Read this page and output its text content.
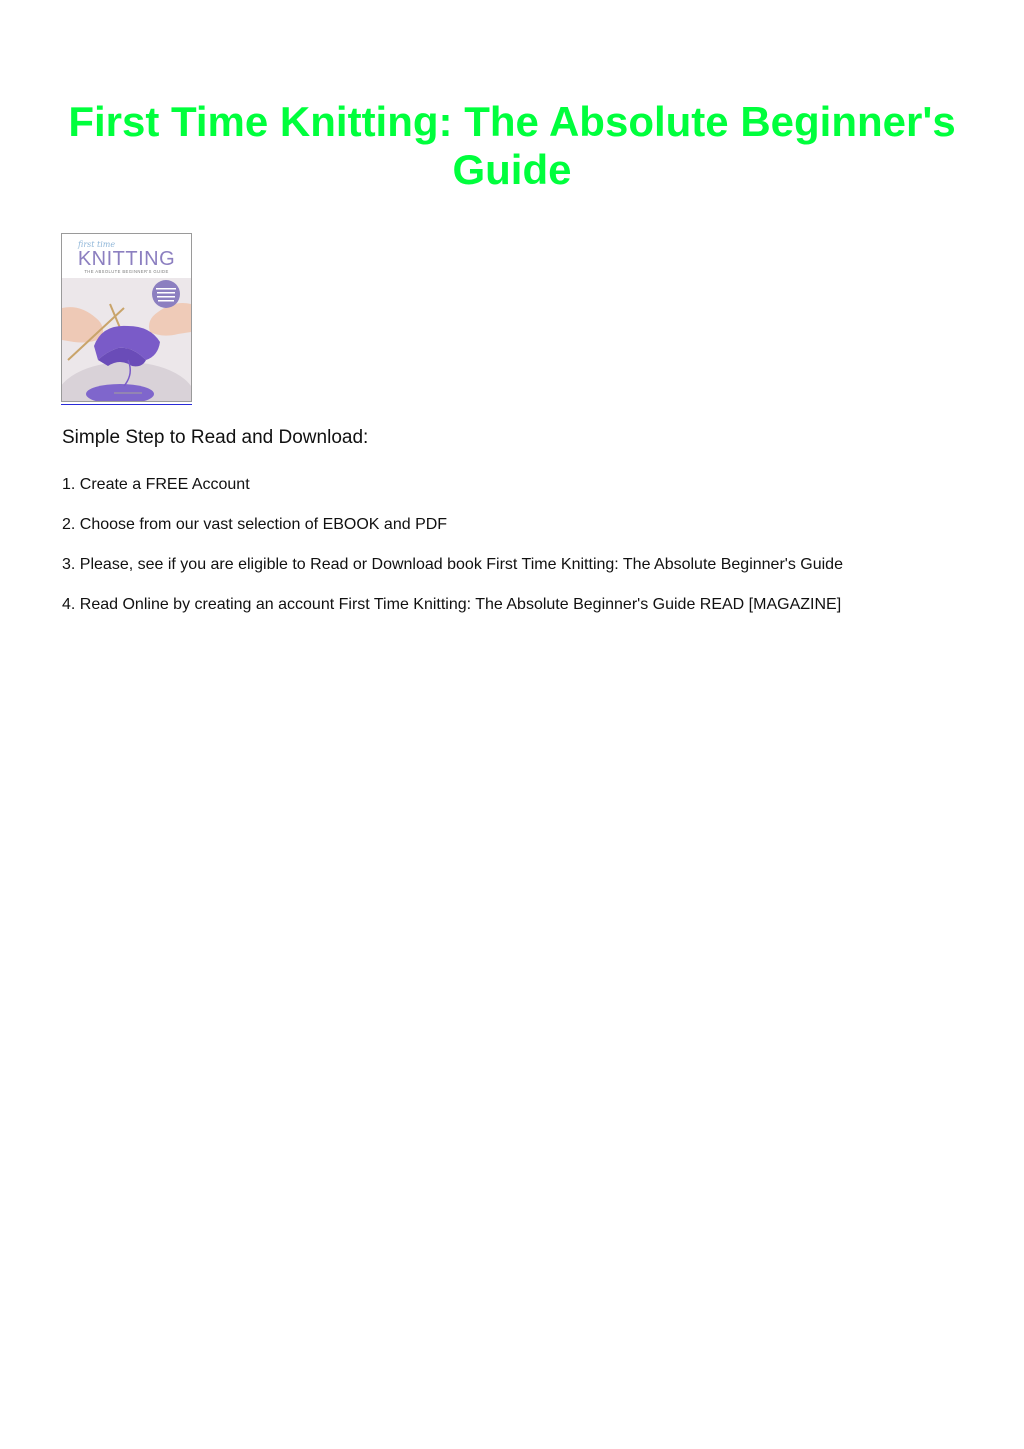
First Time Knitting: The Absolute Beginner's Guide
first time
KNITTING
THE ABSOLUTE BEGINNER'S GUIDE
Simple Step to Read and Download:
1. Create a FREE Account
2. Choose from our vast selection of EBOOK and PDF
3. Please, see if you are eligible to Read or Download book First Time Knitting: The Absolute Beginner's Guide
4. Read Online by creating an account First Time Knitting: The Absolute Beginner's Guide READ [MAGAZINE]
